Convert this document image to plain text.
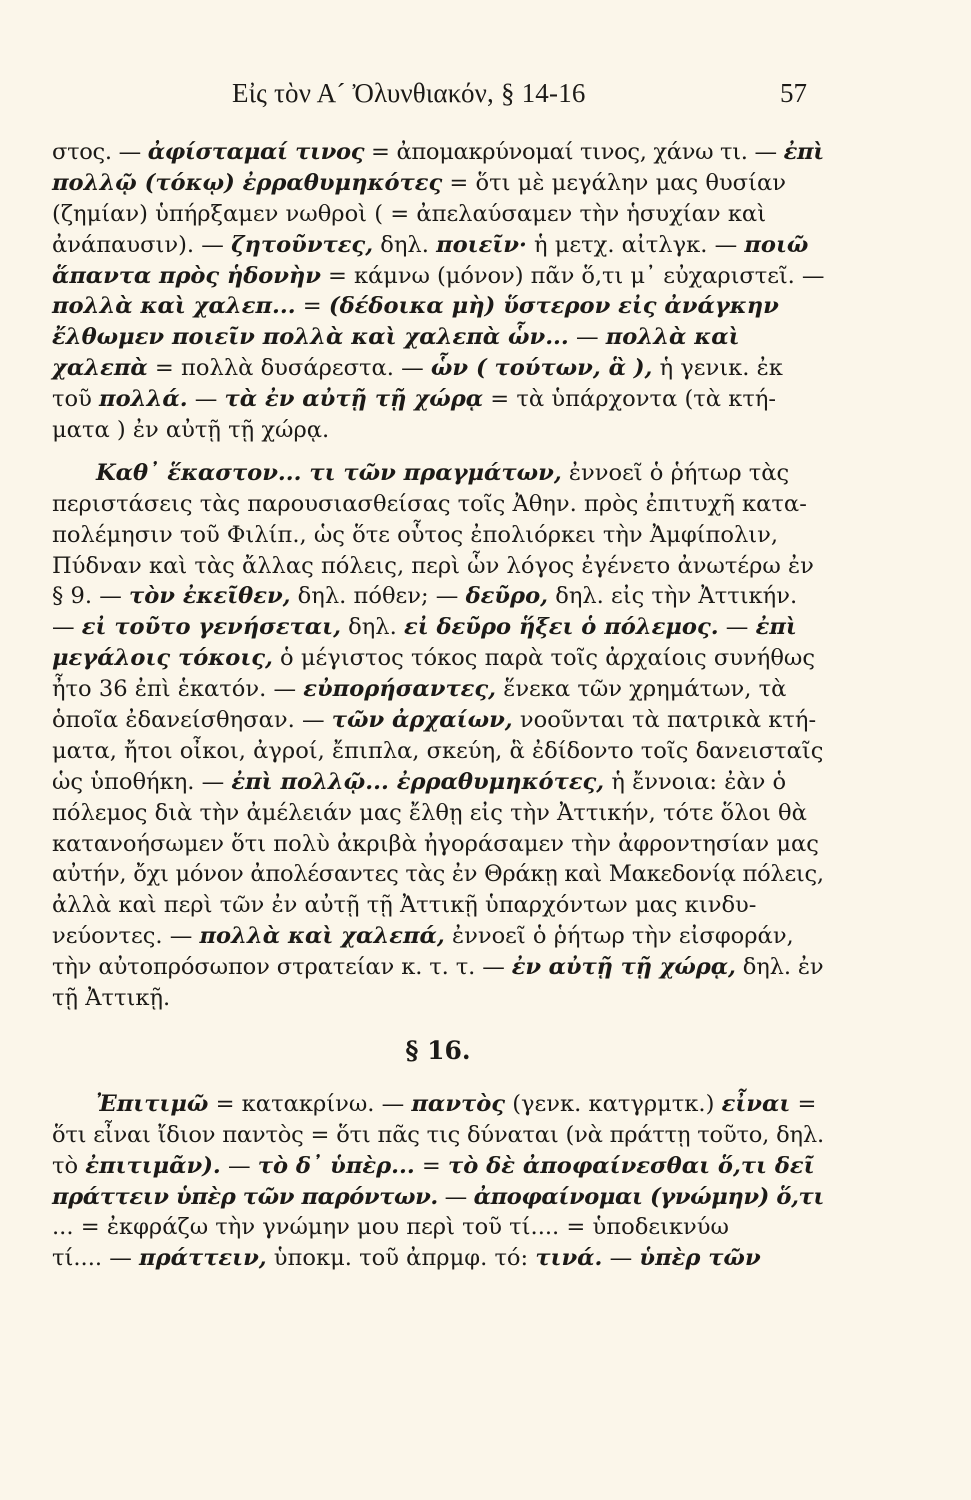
Εἰς τὸν Α´ Ὀλυνθιακόν, § 14-16	57
στος. — ἀφίσταμαί τινος = ἀπομακρύνομαί τινος, χάνω τι. — ἐπὶ
πολλῷ (τόκῳ) ἐρραθυμηκότες = ὅτι μὲ μεγάλην μας θυσίαν
(ζημίαν) ὑπήρξαμεν νωθροὶ ( = ἀπελαύσαμεν τὴν ἡσυχίαν καὶ
ἀνάπαυσιν). — ζητοῦντες, δηλ. ποιεῖν· ἡ μετχ. αἰτλγκ. — ποιῶ
ἅπαντα πρὸς ἡδονὴν = κάμνω (μόνον) πᾶν ὅ,τι μ᾽ εὐχαριστεῖ. —
πολλὰ καὶ χαλεπ... = (δέδοικα μὴ) ὕστερον εἰς ἀνάγκην
ἔλθωμεν ποιεῖν πολλὰ καὶ χαλεπὰ ὧν... — πολλὰ καὶ
χαλεπὰ = πολλὰ δυσάρεστα. — ὧν ( τούτων, ἃ ), ἡ γενικ. ἐκ
τοῦ πολλά. — τὰ ἐν αὐτῇ τῇ χώρᾳ = τὰ ὑπάρχοντα (τὰ κτή-
ματα ) ἐν αὐτῇ τῇ χώρᾳ.
Καθ᾽ ἕκαστον... τι τῶν πραγμάτων, ἐννοεῖ ὁ ῥήτωρ τὰς
περιστάσεις τὰς παρουσιασθείσας τοῖς Ἀθην. πρὸς ἐπιτυχῆ κατα-
πολέμησιν τοῦ Φιλίπ., ὡς ὅτε οὗτος ἐπολιόρκει τὴν Ἀμφίπολιν,
Πύδναν καὶ τὰς ἄλλας πόλεις, περὶ ὧν λόγος ἐγένετο ἀνωτέρω ἐν
§ 9. — τὸν ἐκεῖθεν, δηλ. πόθεν; — δεῦρο, δηλ. εἰς τὴν Ἀττικήν.
— εἰ τοῦτο γενήσεται, δηλ. εἰ δεῦρο ἥξει ὁ πόλεμος. — ἐπὶ
μεγάλοις τόκοις, ὁ μέγιστος τόκος παρὰ τοῖς ἀρχαίοις συνήθως
ἦτο 36 ἐπὶ ἑκατόν. — εὐπορήσαντες, ἕνεκα τῶν χρημάτων, τὰ
ὁποῖα ἐδανείσθησαν. — τῶν ἀρχαίων, νοοῦνται τὰ πατρικὰ κτή-
ματα, ἤτοι οἶκοι, ἀγροί, ἔπιπλα, σκεύη, ἃ ἐδίδοντο τοῖς δανεισταῖς
ὡς ὑποθήκη. — ἐπὶ πολλῷ... ἐρραθυμηκότες, ἡ ἔννοια: ἐὰν ὁ
πόλεμος διὰ τὴν ἀμέλειάν μας ἔλθῃ εἰς τὴν Ἀττικήν, τότε ὅλοι θὰ
κατανοήσωμεν ὅτι πολὺ ἀκριβὰ ἠγοράσαμεν τὴν ἀφροντησίαν μας
αὐτήν, ὄχι μόνον ἀπολέσαντες τὰς ἐν Θράκῃ καὶ Μακεδονίᾳ πόλεις,
ἀλλὰ καὶ περὶ τῶν ἐν αὐτῇ τῇ Ἀττικῇ ὑπαρχόντων μας κινδυ-
νεύοντες. — πολλὰ καὶ χαλεπά, ἐννοεῖ ὁ ῥήτωρ τὴν εἰσφοράν,
τὴν αὐτοπρόσωπον στρατείαν κ. τ. τ. — ἐν αὐτῇ τῇ χώρᾳ, δηλ. ἐν
τῇ Ἀττικῇ.
§ 16.
Ἐπιτιμῶ = κατακρίνω. — παντὸς (γενκ. κατγρμτκ.) εἶναι =
ὅτι εἶναι ἴδιον παντὸς = ὅτι πᾶς τις δύναται (νὰ πράττῃ τοῦτο, δηλ.
τὸ ἐπιτιμᾶν). — τὸ δ᾽ ὑπὲρ... = τὸ δὲ ἀποφαίνεσθαι ὅ,τι δεῖ
πράττειν ὑπὲρ τῶν παρόντων. — ἀποφαίνομαι (γνώμην) ὅ,τι
... = ἐκφράζω τὴν γνώμην μου περὶ τοῦ τί.... = ὑποδεικνύω
τί.... — πράττειν, ὑποκμ. τοῦ ἀπρμφ. τό: τινά. — ὑπὲρ τῶν
